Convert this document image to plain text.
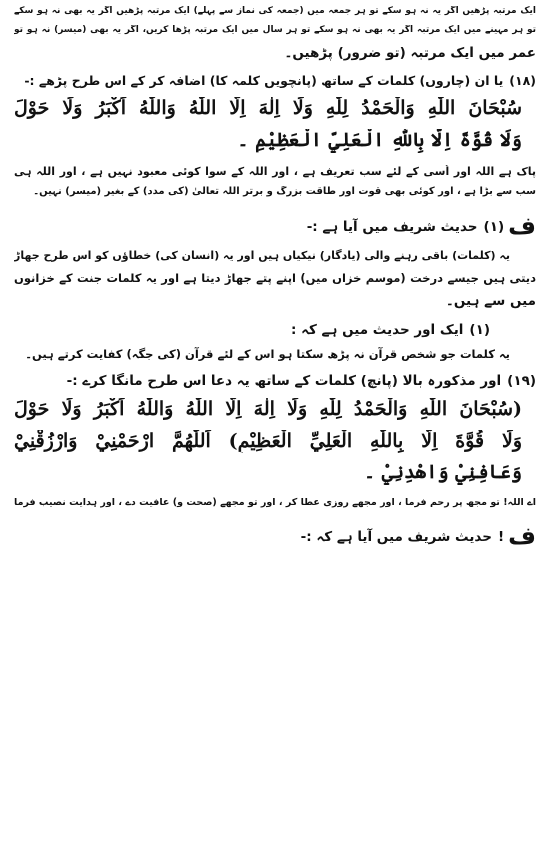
ایک مرتبہ پڑھیں اگر یہ نہ ہو سکے تو ہر جمعہ میں (جمعہ کی نماز سے پہلے) ایک مرتبہ پڑھیں اگر یہ بھی نہ ہو سکے
تو ہر مہینے میں ایک مرتبہ اگر یہ بھی نہ ہو سکے تو ہر سال میں ایک مرتبہ پڑھا کریں، اگر یہ بھی (میسر) نہ ہو تو
عمر میں ایک مرتبہ (تو ضرور) پڑھیں۔
(۱۸)یا ان (چاروں) کلمات کے ساتھ (پانچویں کلمہ کا) اضافہ کر کے اس طرح پڑھے :-
سُبْحَانَ اللّٰهِ وَالْحَمْدُ لِلّٰهِ وَلَا اِلٰهَ اِلَّا اللّٰهُ وَاللّٰهُ اَكْبَرُ وَلَا حَوْلَ
وَلَا قُوَّةَ اِلَّا بِاللّٰهِ الْعَلِيِّ الْعَظِيْمِ ۔
پاک ہے اللہ اور اُسی کے لئے سب تعریف ہے ، اور اللہ کے سوا کوئی معبود نہیں ہے ، اور اللہ ہی
سب سے بڑا ہے ، اور کوئی بھی قوت اور طاقت بزرگ و برتر اللہ تعالیٰ (کی مدد) کے بغیر (میسر) نہیں۔
ف(۱)حدیث شریف میں آیا ہے :-
یہ (کلمات) باقی رہنے والی (یادگار) نیکیاں ہیں اور یہ (انسان کی) خطاؤں کو اس طرح جھاڑ
دیتی ہیں جیسے درخت (موسم خزاں میں) اپنے پتے جھاڑ دیتا ہے اور یہ کلمات جنت کے خزانوں
میں سے ہیں۔
(۱)ایک اور حدیث میں ہے کہ :
یہ کلمات جو شخص قرآن نہ پڑھ سکتا ہو اس کے لئے قرآن (کی جگہ) کفایت کرتے ہیں۔
(۱۹)اور مذکورہ بالا (پانچ) کلمات کے ساتھ یہ دعا اس طرح مانگا کرے :-
(سُبْحَانَ اللّٰهِ وَالْحَمْدُ لِلّٰهِ وَلَا اِلٰهَ اِلَّا اللّٰهُ وَاللّٰهُ اَكْبَرُ وَلَا حَوْلَ
وَلَا قُوَّةَ اِلَّا بِاللّٰهِ الْعَلِيِّ الْعَظِيْمِ) اَللّٰهُمَّ ارْحَمْنِيْ وَارْزُقْنِيْ
وَعَافِنِيْ وَاهْدِنِيْ ۔
اے اللہ! تو مجھ پر رحم فرما ، اور مجھے روزی عطا کر ، اور تو مجھے (صحت و) عافیت دے ، اور ہدایت نصیب فرما
ف!حدیث شریف میں آیا ہے کہ :-
